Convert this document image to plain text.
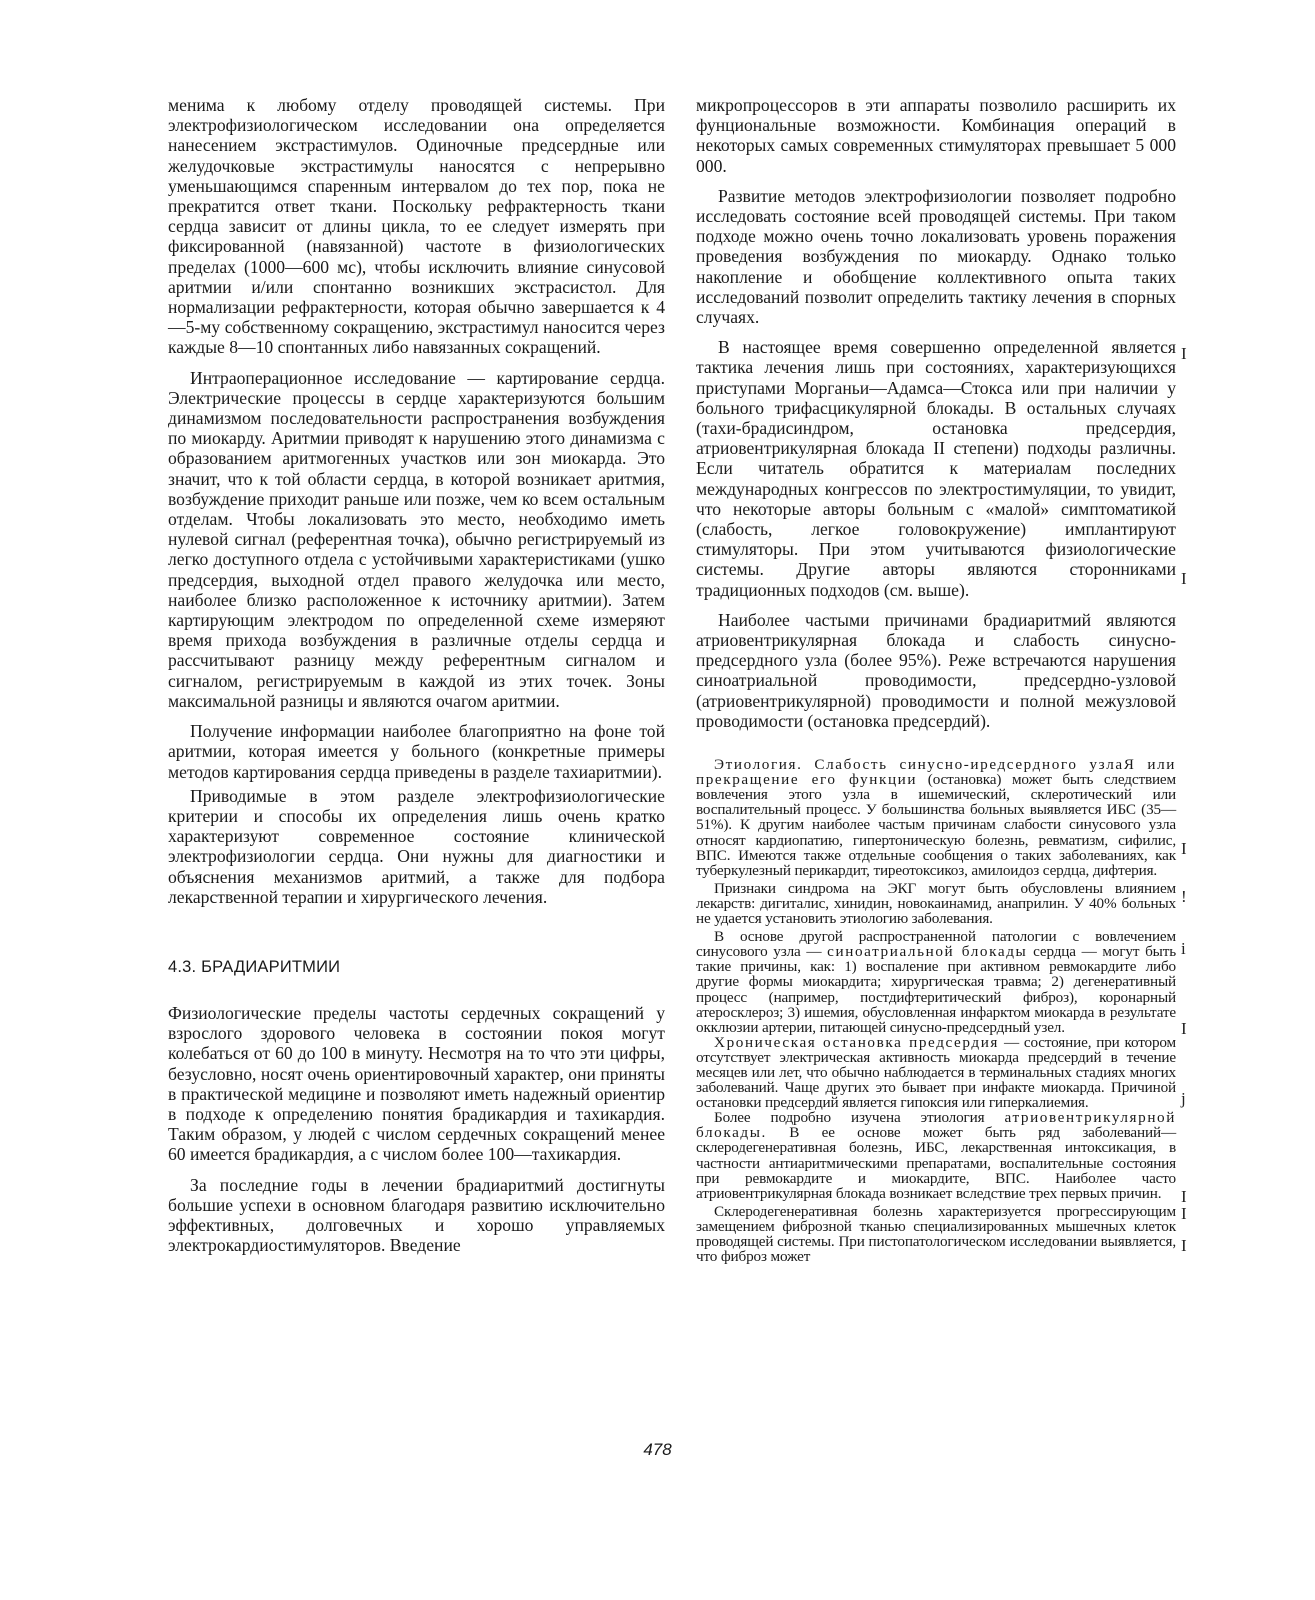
менима к любому отделу проводящей системы. При электрофизиологическом исследовании она определяется нанесением экстрастимулов. Одиночные предсердные или желудочковые экстрастимулы наносятся с непрерывно уменьшающимся спаренным интервалом до тех пор, пока не прекратится ответ ткани. Поскольку рефрактерность ткани сердца зависит от длины цикла, то ее следует измерять при фиксированной (навязанной) частоте в физиологических пределах (1000—600 мс), чтобы исключить влияние синусовой аритмии и/или спонтанно возникших экстрасистол. Для нормализации рефрактерности, которая обычно завершается к 4—5-му собственному сокращению, экстрастимул наносится через каждые 8—10 спонтанных либо навязанных сокращений.

Интраоперационное исследование — картирование сердца. Электрические процессы в сердце характеризуются большим динамизмом последовательности распространения возбуждения по миокарду. Аритмии приводят к нарушению этого динамизма с образованием аритмогенных участков или зон миокарда. Это значит, что к той области сердца, в которой возникает аритмия, возбуждение приходит раньше или позже, чем ко всем остальным отделам. Чтобы локализовать это место, необходимо иметь нулевой сигнал (референтная точка), обычно регистрируемый из легко доступного отдела с устойчивыми характеристиками (ушко предсердия, выходной отдел правого желудочка или место, наиболее близко расположенное к источнику аритмии). Затем картирующим электродом по определенной схеме измеряют время прихода возбуждения в различные отделы сердца и рассчитывают разницу между референтным сигналом и сигналом, регистрируемым в каждой из этих точек. Зоны максимальной разницы и являются очагом аритмии.

Получение информации наиболее благоприятно на фоне той аритмии, которая имеется у больного (конкретные примеры методов картирования сердца приведены в разделе тахиаритмии).

Приводимые в этом разделе электрофизиологические критерии и способы их определения лишь очень кратко характеризуют современное состояние клинической электрофизиологии сердца. Они нужны для диагностики и объяснения механизмов аритмий, а также для подбора лекарственной терапии и хирургического лечения.

4.3. БРАДИАРИТМИИ

Физиологические пределы частоты сердечных сокращений у взрослого здорового человека в состоянии покоя могут колебаться от 60 до 100 в минуту. Несмотря на то что эти цифры, безусловно, носят очень ориентировочный характер, они приняты в практической медицине и позволяют иметь надежный ориентир в подходе к определению понятия брадикардия и тахикардия. Таким образом, у людей с числом сердечных сокращений менее 60 имеется брадикардия, а с числом более 100—тахикардия.

За последние годы в лечении брадиаритмий достигнуты большие успехи в основном благодаря развитию исключительно эффективных, долговечных и хорошо управляемых электрокардиостимуляторов. Введение

микропроцессоров в эти аппараты позволило расширить их фунциональные возможности. Комбинация операций в некоторых самых современных стимуляторах превышает 5 000 000.

Развитие методов электрофизиологии позволяет подробно исследовать состояние всей проводящей системы. При таком подходе можно очень точно локализовать уровень поражения проведения возбуждения по миокарду. Однако только накопление и обобщение коллективного опыта таких исследований позволит определить тактику лечения в спорных случаях.

В настоящее время совершенно определенной является тактика лечения лишь при состояниях, характеризующихся приступами Морганьи—Адамса—Стокса или при наличии у больного трифасцикулярной блокады. В остальных случаях (тахи-брадисиндром, остановка предсердия, атриовентрикулярная блокада II степени) подходы различны. Если читатель обратится к материалам последних международных конгрессов по электростимуляции, то увидит, что некоторые авторы больным с «малой» симптоматикой (слабость, легкое головокружение) имплантируют стимуляторы. При этом учитываются физиологические системы. Другие авторы являются сторонниками традиционных подходов (см. выше).

Наиболее частыми причинами брадиаритмий являются атриовентрикулярная блокада и слабость синусно-предсердного узла (более 95%). Реже встречаются нарушения синоатриальной проводимости, предсердно-узловой (атриовентрикулярной) проводимости и полной межузловой проводимости (остановка предсердий).

Этиология. Слабость синусно-иредсердного узлаЯ или прекращение его функции (остановка) может быть следствием вовлечения этого узла в ишемический, склеротический или воспалительный процесс. У большинства больных выявляется ИБС (35—51%). К другим наиболее частым причинам слабости синусового узла относят кардиопатию, гипертоническую болезнь, ревматизм, сифилис, ВПС. Имеются также отдельные сообщения о таких заболеваниях, как туберкулезный перикардит, тиреотоксикоз, амилоидоз сердца, дифтерия.

Признаки синдрома на ЭКГ могут быть обусловлены влиянием лекарств: дигиталис, хинидин, новокаинамид, анаприлин. У 40% больных не удается установить этиологию заболевания.

В основе другой распространенной патологии с вовлечением синусового узла — синоатриальной блокады сердца — могут быть такие причины, как: 1) воспаление при активном ревмокардите либо другие формы миокардита; хирургическая травма; 2) дегенеративный процесс (например, постдифтеритический фиброз), коронарный атеросклероз; 3) ишемия, обусловленная инфарктом миокарда в результате окклюзии артерии, питающей синусно-предсердный узел.

Хроническая остановка предсердия — состояние, при котором отсутствует электрическая активность миокарда предсердий в течение месяцев или лет, что обычно наблюдается в терминальных стадиях многих заболеваний. Чаще других это бывает при инфакте миокарда. Причиной остановки предсердий является гипоксия или гиперкалиемия.

Более подробно изучена этиология атриовентрикулярной блокады. В ее основе может быть ряд заболеваний— склеродегенеративная болезнь, ИБС, лекарственная интоксикация, в частности антиаритмическими препаратами, воспалительные состояния при ревмокардите и миокардите, ВПС. Наиболее часто атриовентрикулярная блокада возникает вследствие трех первых причин.

Склеродегенеративная болезнь характеризуется прогрессирующим замещением фиброзной тканью специализированных мышечных клеток проводящей системы. При пистопатологическом исследовании выявляется, что фиброз может

I
I
I
!
i
I
j
I
I
I
478
